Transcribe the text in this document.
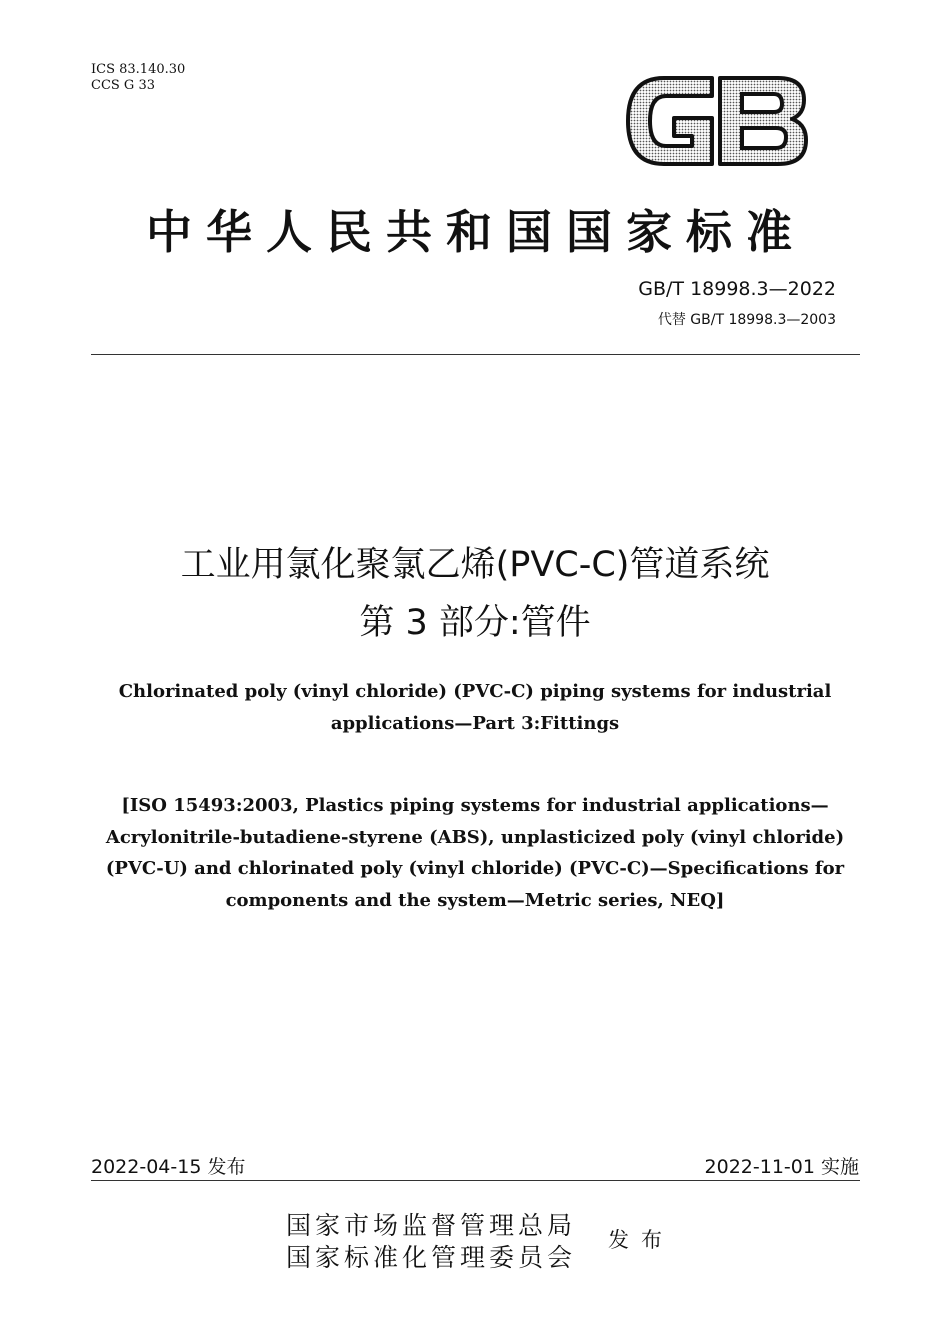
ICS 83.140.30
CCS G 33
中华人民共和国国家标准
GB/T 18998.3—2022
代替 GB/T 18998.3—2003
工业用氯化聚氯乙烯(PVC-C)管道系统
第 3 部分:管件
Chlorinated poly (vinyl chloride) (PVC-C) piping systems for industrial
applications—Part 3:Fittings
[ISO 15493:2003, Plastics piping systems for industrial applications—
Acrylonitrile-butadiene-styrene (ABS), unplasticized poly (vinyl chloride)
(PVC-U) and chlorinated poly (vinyl chloride) (PVC-C)—Specifications for
components and the system—Metric series, NEQ]
2022-04-15 发布	2022-11-01 实施
国家市场监督管理总局
国家标准化管理委员会
发布
